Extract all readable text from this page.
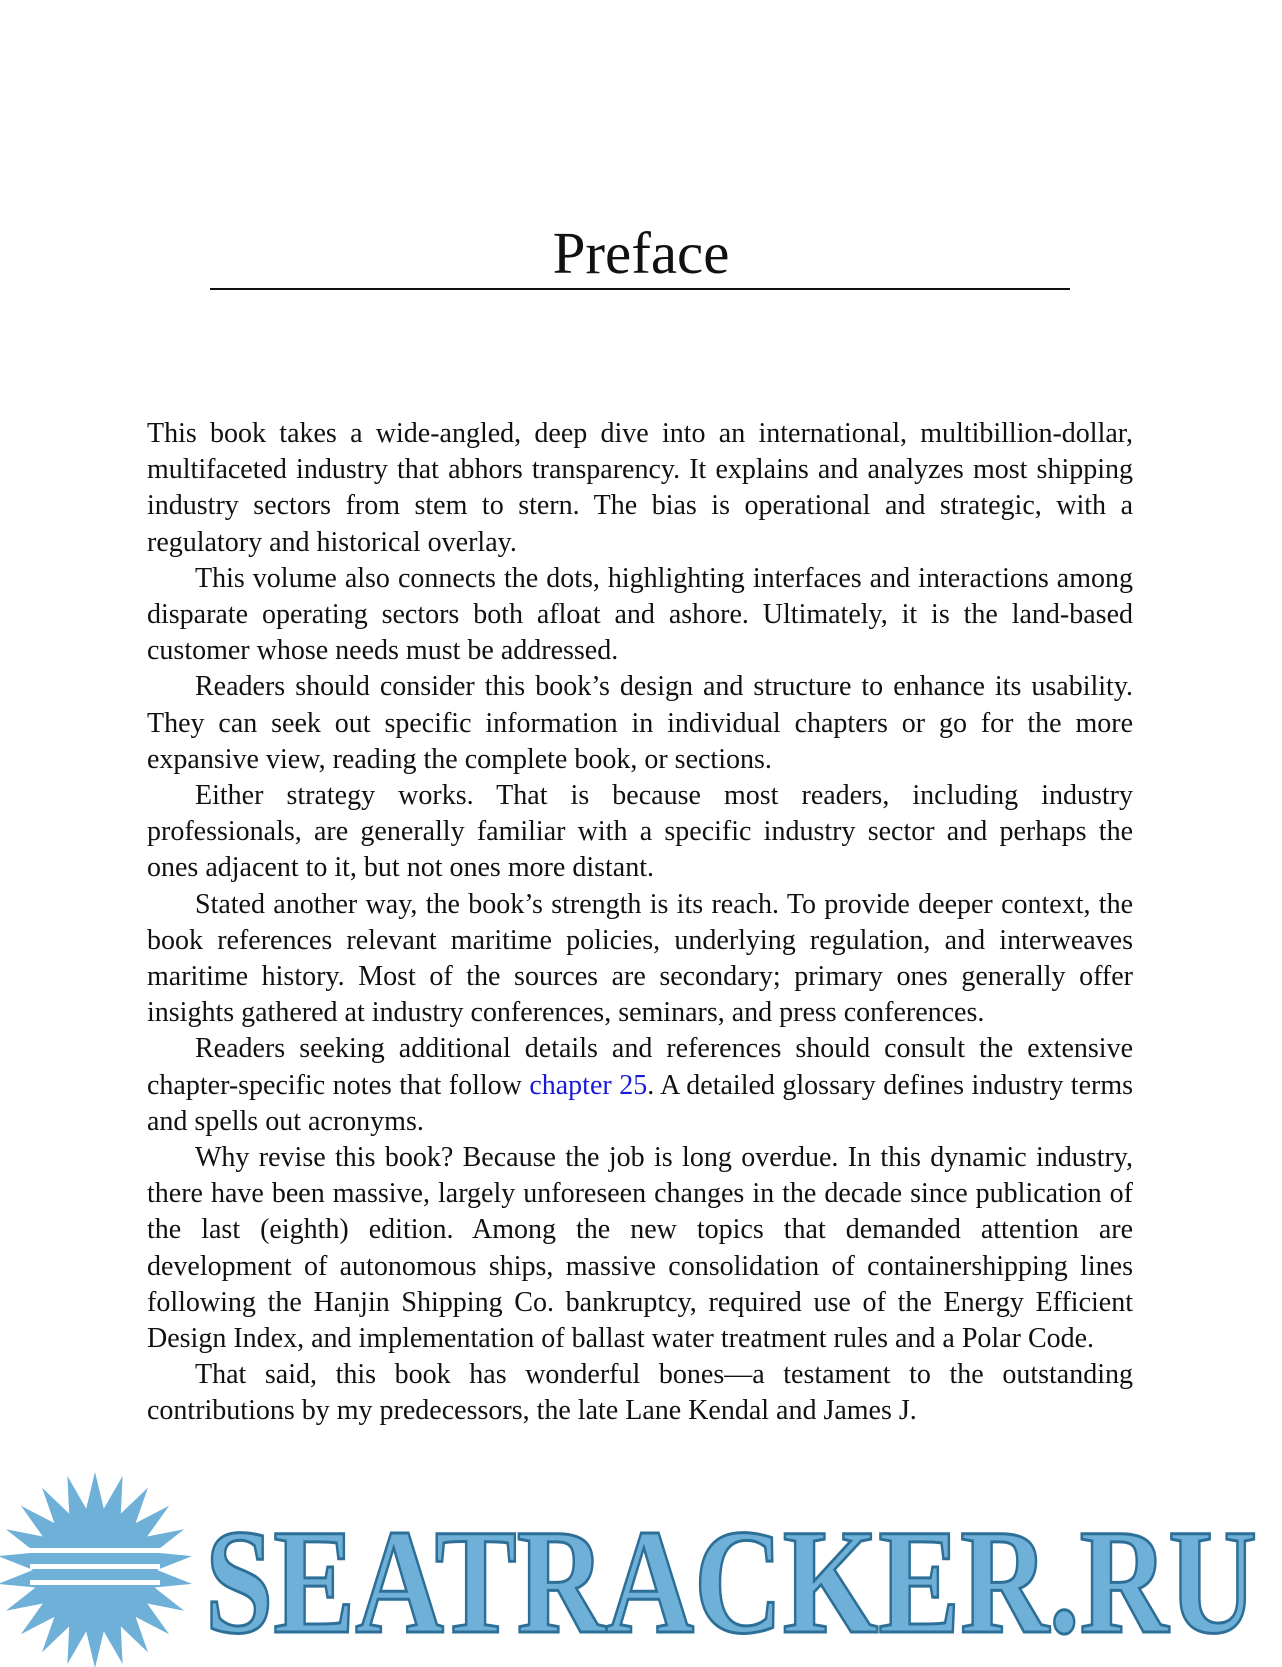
Preface

This book takes a wide-angled, deep dive into an international, multibillion-dollar, multifaceted industry that abhors transparency. It explains and analyzes most shipping industry sectors from stem to stern. The bias is operational and strategic, with a regulatory and historical overlay.

This volume also connects the dots, highlighting interfaces and interactions among disparate operating sectors both afloat and ashore. Ultimately, it is the land-based customer whose needs must be addressed.

Readers should consider this book’s design and structure to enhance its usability. They can seek out specific information in individual chapters or go for the more expansive view, reading the complete book, or sections.

Either strategy works. That is because most readers, including industry professionals, are generally familiar with a specific industry sector and perhaps the ones adjacent to it, but not ones more distant.

Stated another way, the book’s strength is its reach. To provide deeper context, the book references relevant maritime policies, underlying regulation, and interweaves maritime history. Most of the sources are secondary; primary ones generally offer insights gathered at industry conferences, seminars, and press conferences.

Readers seeking additional details and references should consult the extensive chapter-specific notes that follow chapter 25. A detailed glossary defines industry terms and spells out acronyms.

Why revise this book? Because the job is long overdue. In this dynamic industry, there have been massive, largely unforeseen changes in the decade since publication of the last (eighth) edition. Among the new topics that demanded attention are development of autonomous ships, massive consolidation of containershipping lines following the Hanjin Shipping Co. bankruptcy, required use of the Energy Efficient Design Index, and implementation of ballast water treatment rules and a Polar Code.

That said, this book has wonderful bones—a testament to the outstanding contributions by my predecessors, the late Lane Kendal and James J.

SEATRACKER.RU
